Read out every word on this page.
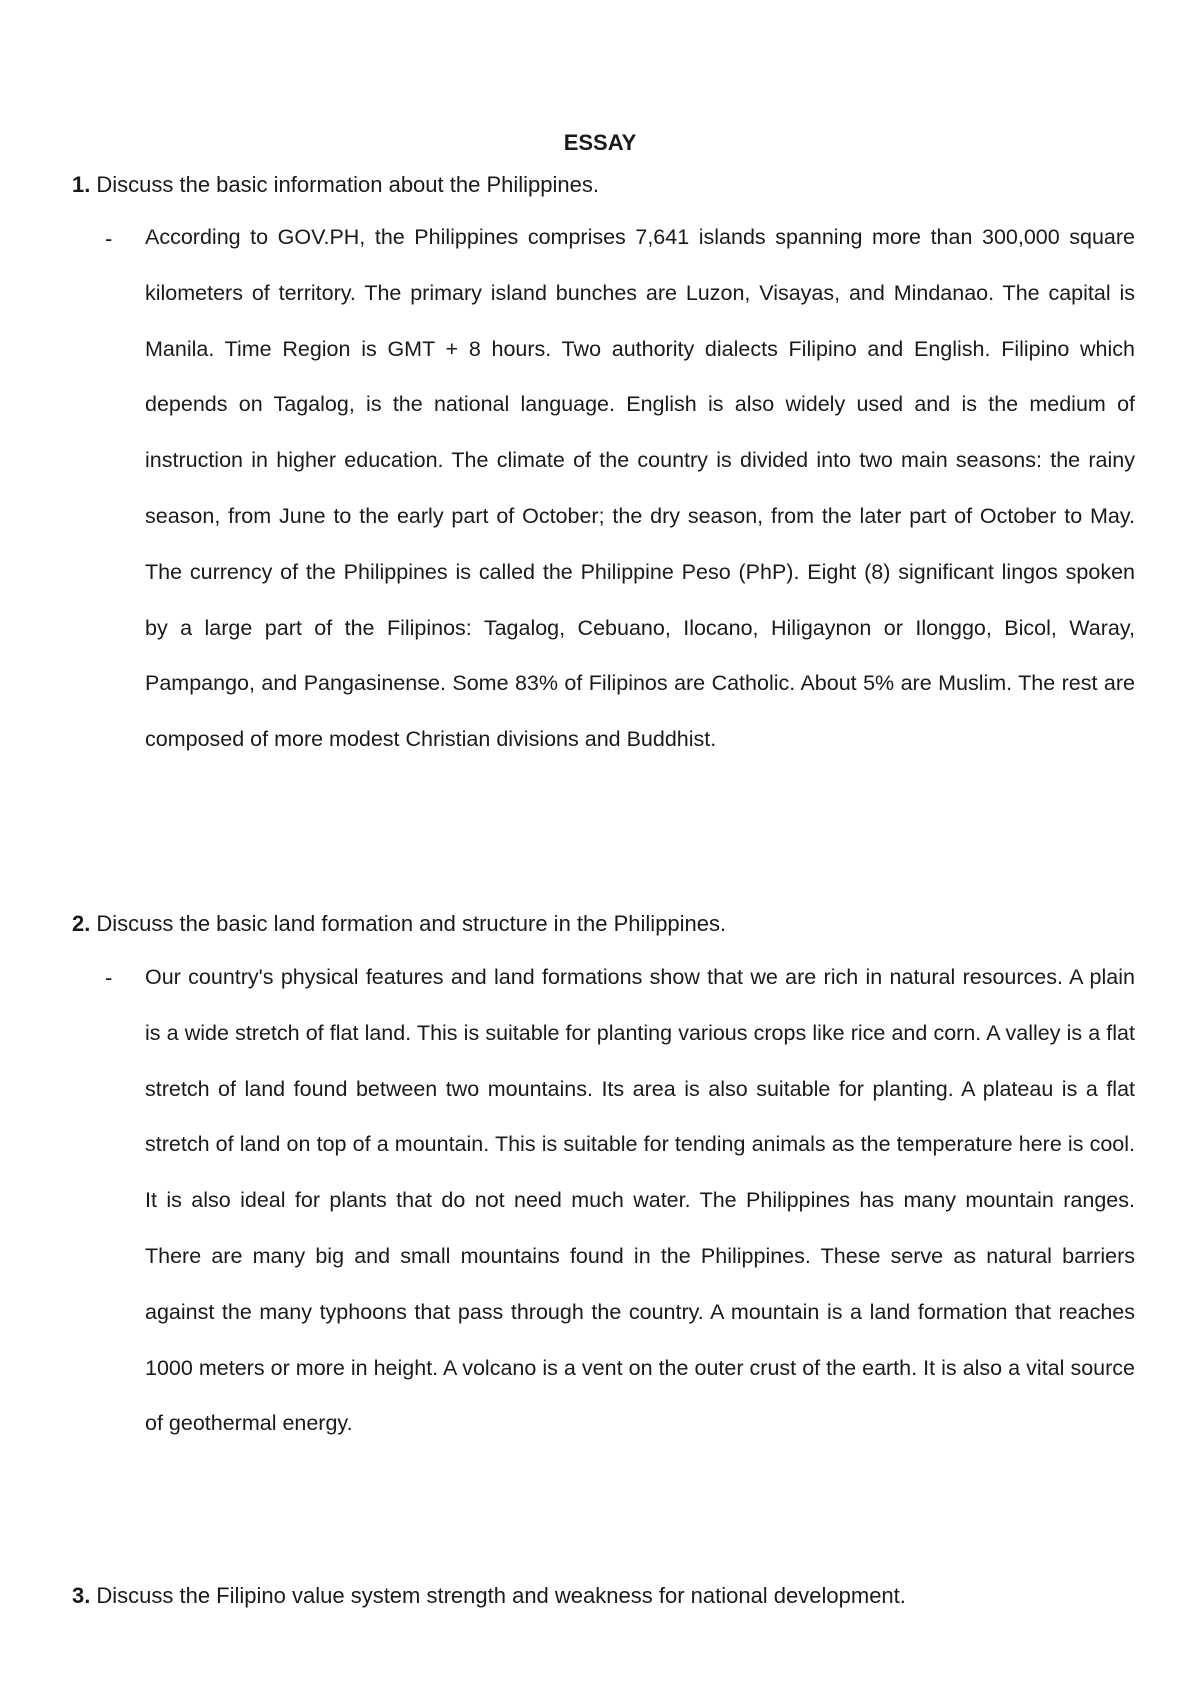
ESSAY
1. Discuss the basic information about the Philippines.
- According to GOV.PH, the Philippines comprises 7,641 islands spanning more than 300,000 square kilometers of territory. The primary island bunches are Luzon, Visayas, and Mindanao. The capital is Manila. Time Region is GMT + 8 hours. Two authority dialects Filipino and English. Filipino which depends on Tagalog, is the national language. English is also widely used and is the medium of instruction in higher education. The climate of the country is divided into two main seasons: the rainy season, from June to the early part of October; the dry season, from the later part of October to May. The currency of the Philippines is called the Philippine Peso (PhP). Eight (8) significant lingos spoken by a large part of the Filipinos: Tagalog, Cebuano, Ilocano, Hiligaynon or Ilonggo, Bicol, Waray, Pampango, and Pangasinense. Some 83% of Filipinos are Catholic. About 5% are Muslim. The rest are composed of more modest Christian divisions and Buddhist.

2. Discuss the basic land formation and structure in the Philippines.
- Our country's physical features and land formations show that we are rich in natural resources. A plain is a wide stretch of flat land. This is suitable for planting various crops like rice and corn. A valley is a flat stretch of land found between two mountains. Its area is also suitable for planting. A plateau is a flat stretch of land on top of a mountain. This is suitable for tending animals as the temperature here is cool. It is also ideal for plants that do not need much water. The Philippines has many mountain ranges. There are many big and small mountains found in the Philippines. These serve as natural barriers against the many typhoons that pass through the country. A mountain is a land formation that reaches 1000 meters or more in height. A volcano is a vent on the outer crust of the earth. It is also a vital source of geothermal energy.

3. Discuss the Filipino value system strength and weakness for national development.
